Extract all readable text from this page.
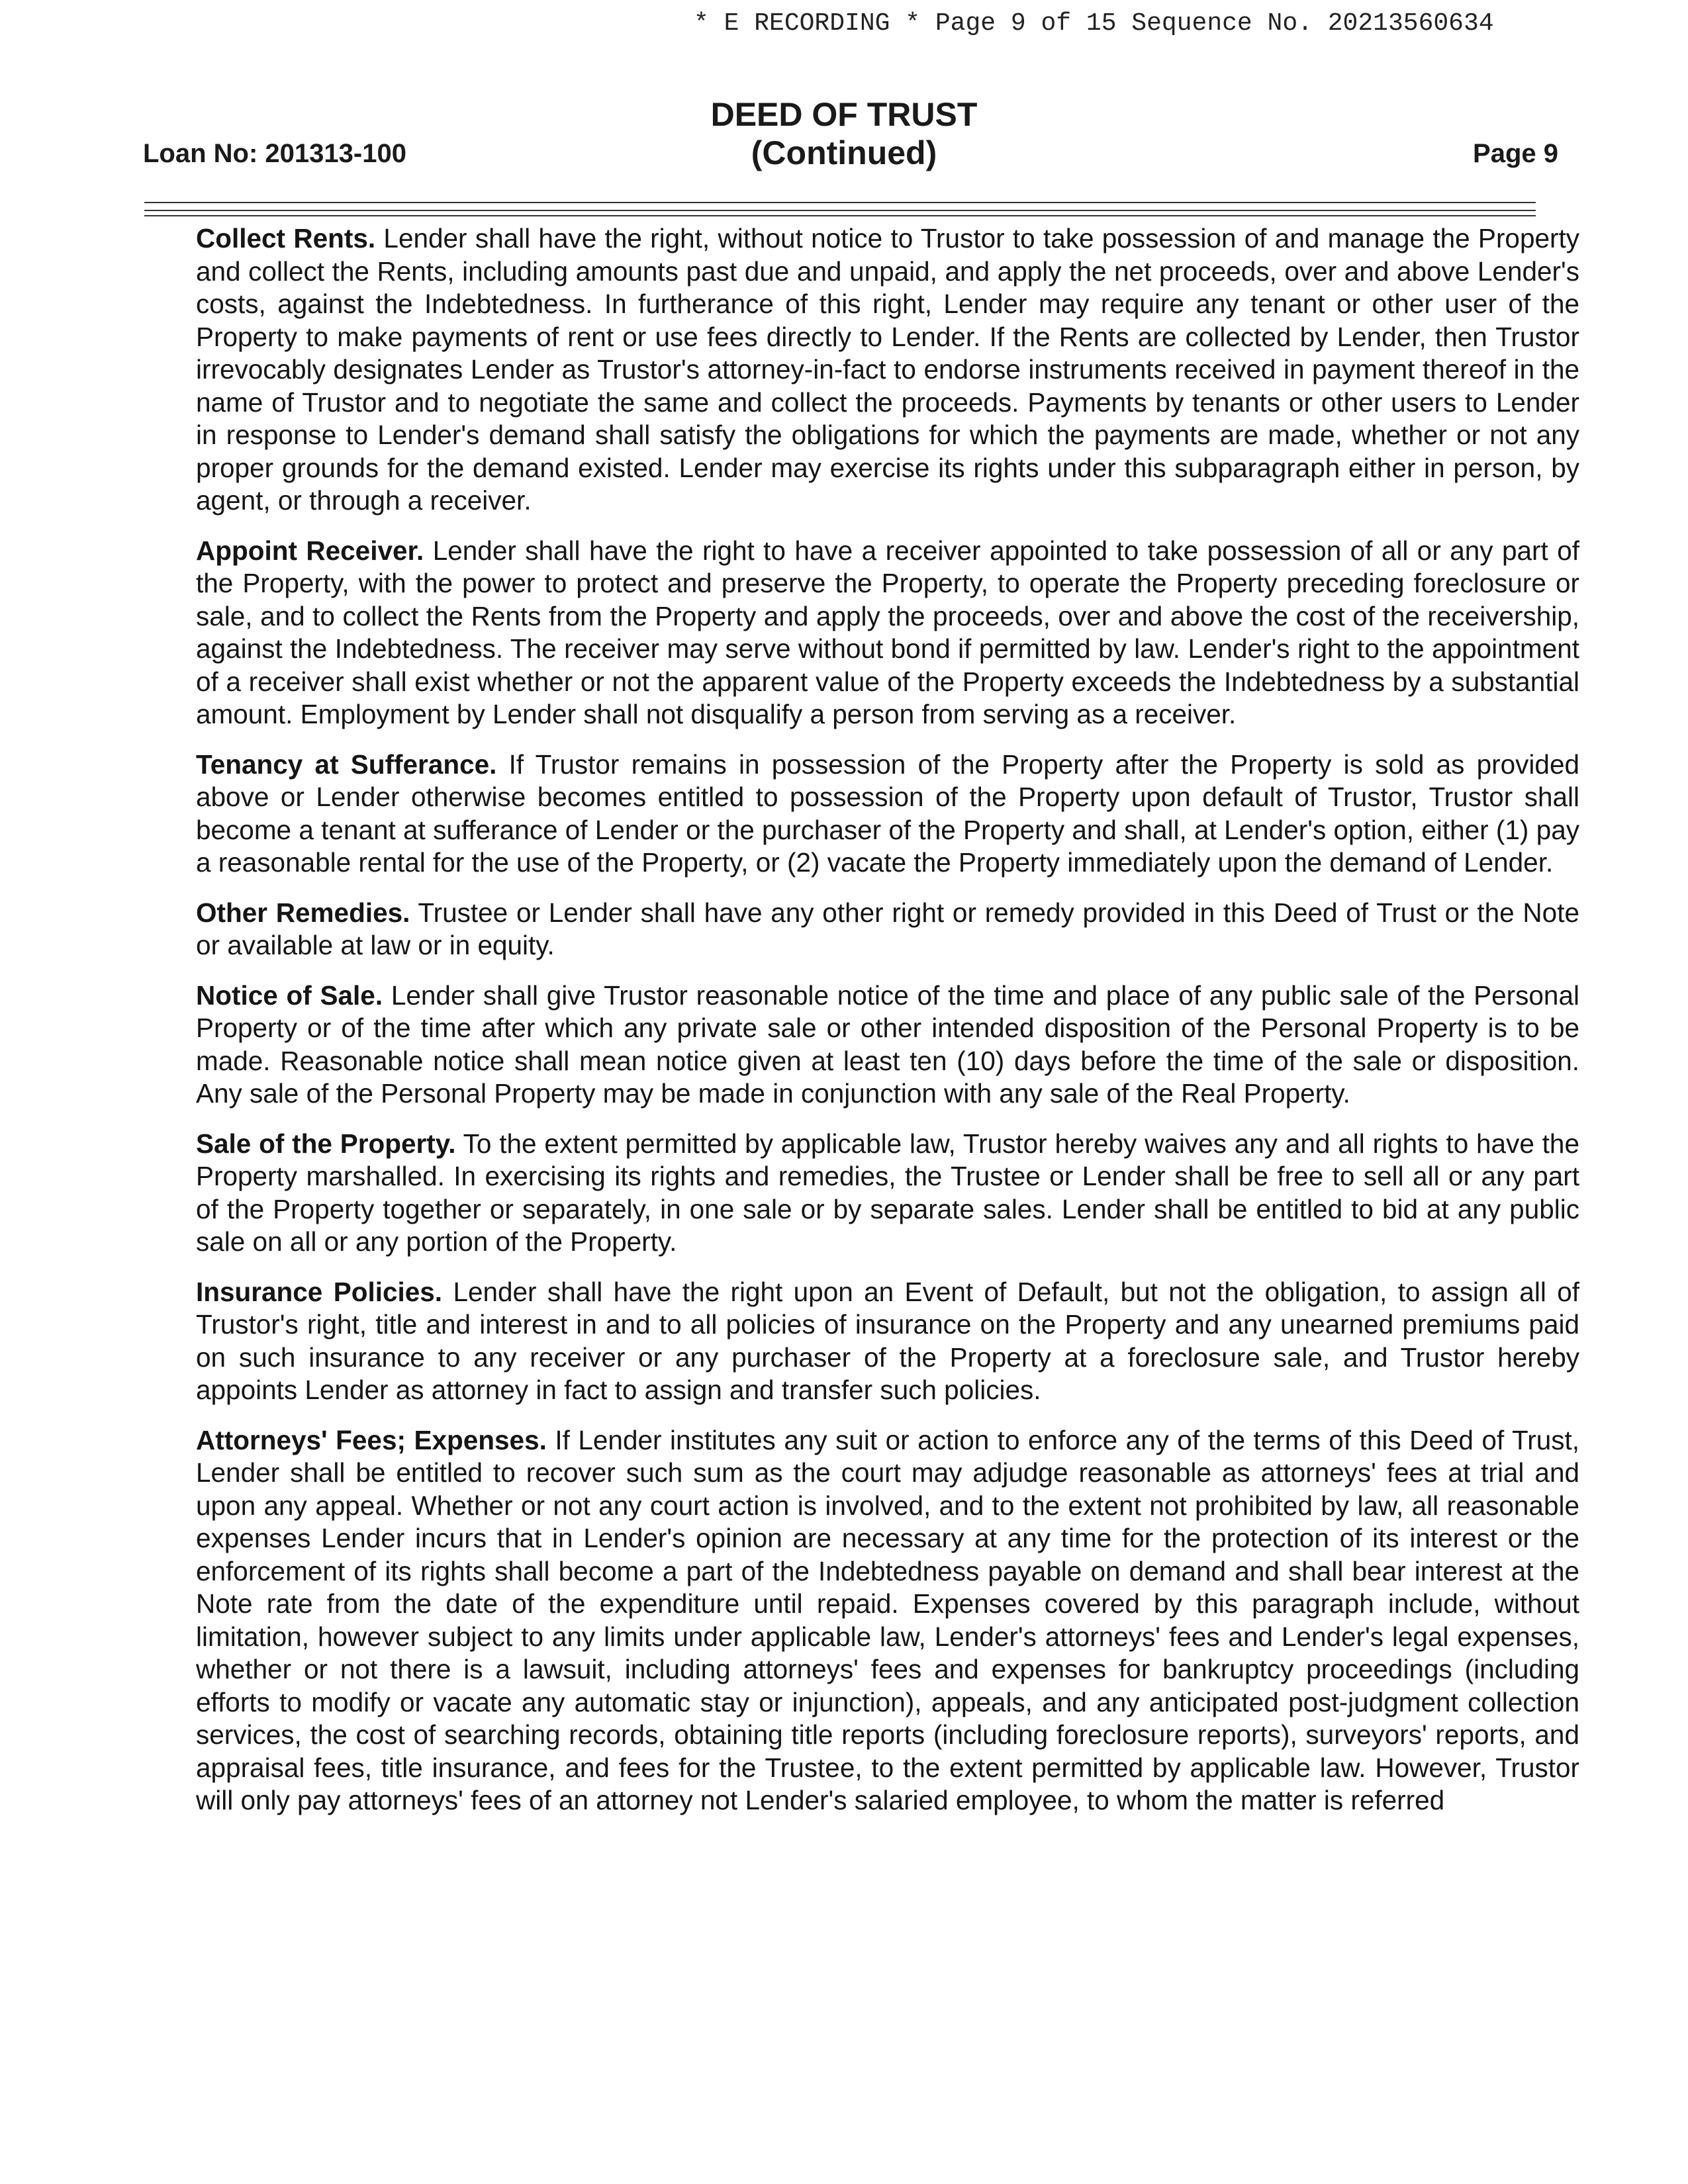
* E RECORDING * Page 9 of 15 Sequence No. 20213560634
DEED OF TRUST
(Continued)
Loan No: 201313-100	Page 9

Collect Rents. Lender shall have the right, without notice to Trustor to take possession of and manage the Property and collect the Rents, including amounts past due and unpaid, and apply the net proceeds, over and above Lender's costs, against the Indebtedness. In furtherance of this right, Lender may require any tenant or other user of the Property to make payments of rent or use fees directly to Lender. If the Rents are collected by Lender, then Trustor irrevocably designates Lender as Trustor's attorney-in-fact to endorse instruments received in payment thereof in the name of Trustor and to negotiate the same and collect the proceeds. Payments by tenants or other users to Lender in response to Lender's demand shall satisfy the obligations for which the payments are made, whether or not any proper grounds for the demand existed. Lender may exercise its rights under this subparagraph either in person, by agent, or through a receiver.

Appoint Receiver. Lender shall have the right to have a receiver appointed to take possession of all or any part of the Property, with the power to protect and preserve the Property, to operate the Property preceding foreclosure or sale, and to collect the Rents from the Property and apply the proceeds, over and above the cost of the receivership, against the Indebtedness. The receiver may serve without bond if permitted by law. Lender's right to the appointment of a receiver shall exist whether or not the apparent value of the Property exceeds the Indebtedness by a substantial amount. Employment by Lender shall not disqualify a person from serving as a receiver.

Tenancy at Sufferance. If Trustor remains in possession of the Property after the Property is sold as provided above or Lender otherwise becomes entitled to possession of the Property upon default of Trustor, Trustor shall become a tenant at sufferance of Lender or the purchaser of the Property and shall, at Lender's option, either (1) pay a reasonable rental for the use of the Property, or (2) vacate the Property immediately upon the demand of Lender.

Other Remedies. Trustee or Lender shall have any other right or remedy provided in this Deed of Trust or the Note or available at law or in equity.

Notice of Sale. Lender shall give Trustor reasonable notice of the time and place of any public sale of the Personal Property or of the time after which any private sale or other intended disposition of the Personal Property is to be made. Reasonable notice shall mean notice given at least ten (10) days before the time of the sale or disposition. Any sale of the Personal Property may be made in conjunction with any sale of the Real Property.

Sale of the Property. To the extent permitted by applicable law, Trustor hereby waives any and all rights to have the Property marshalled. In exercising its rights and remedies, the Trustee or Lender shall be free to sell all or any part of the Property together or separately, in one sale or by separate sales. Lender shall be entitled to bid at any public sale on all or any portion of the Property.

Insurance Policies. Lender shall have the right upon an Event of Default, but not the obligation, to assign all of Trustor's right, title and interest in and to all policies of insurance on the Property and any unearned premiums paid on such insurance to any receiver or any purchaser of the Property at a foreclosure sale, and Trustor hereby appoints Lender as attorney in fact to assign and transfer such policies.

Attorneys' Fees; Expenses. If Lender institutes any suit or action to enforce any of the terms of this Deed of Trust, Lender shall be entitled to recover such sum as the court may adjudge reasonable as attorneys' fees at trial and upon any appeal. Whether or not any court action is involved, and to the extent not prohibited by law, all reasonable expenses Lender incurs that in Lender's opinion are necessary at any time for the protection of its interest or the enforcement of its rights shall become a part of the Indebtedness payable on demand and shall bear interest at the Note rate from the date of the expenditure until repaid. Expenses covered by this paragraph include, without limitation, however subject to any limits under applicable law, Lender's attorneys' fees and Lender's legal expenses, whether or not there is a lawsuit, including attorneys' fees and expenses for bankruptcy proceedings (including efforts to modify or vacate any automatic stay or injunction), appeals, and any anticipated post-judgment collection services, the cost of searching records, obtaining title reports (including foreclosure reports), surveyors' reports, and appraisal fees, title insurance, and fees for the Trustee, to the extent permitted by applicable law. However, Trustor will only pay attorneys' fees of an attorney not Lender's salaried employee, to whom the matter is referred
